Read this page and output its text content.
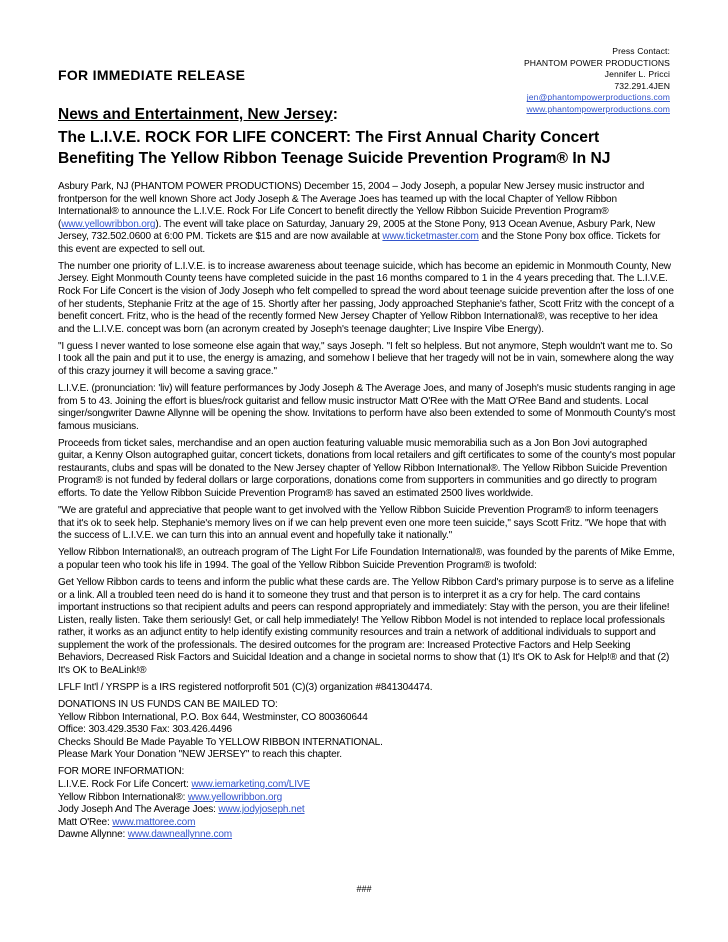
Press Contact:
PHANTOM POWER PRODUCTIONS
Jennifer L. Pricci
732.291.4JEN
jen@phantompowerproductions.com
www.phantompowerproductions.com
FOR IMMEDIATE RELEASE
News and Entertainment, New Jersey:
The L.I.V.E. ROCK FOR LIFE CONCERT: The First Annual Charity Concert
Benefiting The Yellow Ribbon Teenage Suicide Prevention Program® In NJ

Asbury Park, NJ (PHANTOM POWER PRODUCTIONS) December 15, 2004 – Jody Joseph, a popular New Jersey music instructor and frontperson for the well known Shore act Jody Joseph & The Average Joes has teamed up with the local Chapter of Yellow Ribbon International® to announce the L.I.V.E. Rock For Life Concert to benefit directly the Yellow Ribbon Suicide Prevention Program® (www.yellowribbon.org). The event will take place on Saturday, January 29, 2005 at the Stone Pony, 913 Ocean Avenue, Asbury Park, New Jersey, 732.502.0600 at 6:00 PM. Tickets are $15 and are now available at www.ticketmaster.com and the Stone Pony box office. Tickets for this event are expected to sell out.

The number one priority of L.I.V.E. is to increase awareness about teenage suicide, which has become an epidemic in Monmouth County, New Jersey. Eight Monmouth County teens have completed suicide in the past 16 months compared to 1 in the 4 years preceding that. The L.I.V.E. Rock For Life Concert is the vision of Jody Joseph who felt compelled to spread the word about teenage suicide prevention after the loss of one of her students, Stephanie Fritz at the age of 15. Shortly after her passing, Jody approached Stephanie's father, Scott Fritz with the concept of a benefit concert. Fritz, who is the head of the recently formed New Jersey Chapter of Yellow Ribbon International®, was receptive to her idea and the L.I.V.E. concept was born (an acronym created by Joseph's teenage daughter; Live Inspire Vibe Energy).

"I guess I never wanted to lose someone else again that way," says Joseph. "I felt so helpless. But not anymore, Steph wouldn't want me to. So I took all the pain and put it to use, the energy is amazing, and somehow I believe that her tragedy will not be in vain, somewhere along the way of this crazy journey it will become a saving grace."

L.I.V.E. (pronunciation: 'liv) will feature performances by Jody Joseph & The Average Joes, and many of Joseph's music students ranging in age from 5 to 43. Joining the effort is blues/rock guitarist and fellow music instructor Matt O'Ree with the Matt O'Ree Band and students. Local singer/songwriter Dawne Allynne will be opening the show. Invitations to perform have also been extended to some of Monmouth County's most famous musicians.

Proceeds from ticket sales, merchandise and an open auction featuring valuable music memorabilia such as a Jon Bon Jovi autographed guitar, a Kenny Olson autographed guitar, concert tickets, donations from local retailers and gift certificates to some of the county's most popular restaurants, clubs and spas will be donated to the New Jersey chapter of Yellow Ribbon International®. The Yellow Ribbon Suicide Prevention Program® is not funded by federal dollars or large corporations, donations come from supporters in communities and go directly to program efforts. To date the Yellow Ribbon Suicide Prevention Program® has saved an estimated 2500 lives worldwide.

"We are grateful and appreciative that people want to get involved with the Yellow Ribbon Suicide Prevention Program® to inform teenagers that it's ok to seek help. Stephanie's memory lives on if we can help prevent even one more teen suicide," says Scott Fritz. "We hope that with the success of L.I.V.E. we can turn this into an annual event and hopefully take it nationally."

Yellow Ribbon International®, an outreach program of The Light For Life Foundation International®, was founded by the parents of Mike Emme, a popular teen who took his life in 1994. The goal of the Yellow Ribbon Suicide Prevention Program® is twofold:

Get Yellow Ribbon cards to teens and inform the public what these cards are. The Yellow Ribbon Card's primary purpose is to serve as a lifeline or a link. All a troubled teen need do is hand it to someone they trust and that person is to interpret it as a cry for help. The card contains important instructions so that recipient adults and peers can respond appropriately and immediately: Stay with the person, you are their lifeline! Listen, really listen. Take them seriously! Get, or call help immediately! The Yellow Ribbon Model is not intended to replace local professionals rather, it works as an adjunct entity to help identify existing community resources and train a network of additional individuals to support and supplement the work of the professionals. The desired outcomes for the program are: Increased Protective Factors and Help Seeking Behaviors, Decreased Risk Factors and Suicidal Ideation and a change in societal norms to show that (1) It's OK to Ask for Help!® and that (2) It's OK to BeALink!®

LFLF Int'l / YRSPP is a IRS registered notforprofit 501 (C)(3) organization #841304474.

DONATIONS IN US FUNDS CAN BE MAILED TO:
Yellow Ribbon International, P.O. Box 644, Westminster, CO 800360644
Office: 303.429.3530 Fax: 303.426.4496
Checks Should Be Made Payable To YELLOW RIBBON INTERNATIONAL.
Please Mark Your Donation "NEW JERSEY" to reach this chapter.

FOR MORE INFORMATION:
L.I.V.E. Rock For Life Concert: www.iemarketing.com/LIVE
Yellow Ribbon International®: www.yellowribbon.org
Jody Joseph And The Average Joes: www.jodyjoseph.net
Matt O'Ree: www.mattoree.com
Dawne Allynne: www.dawneallynne.com

###
